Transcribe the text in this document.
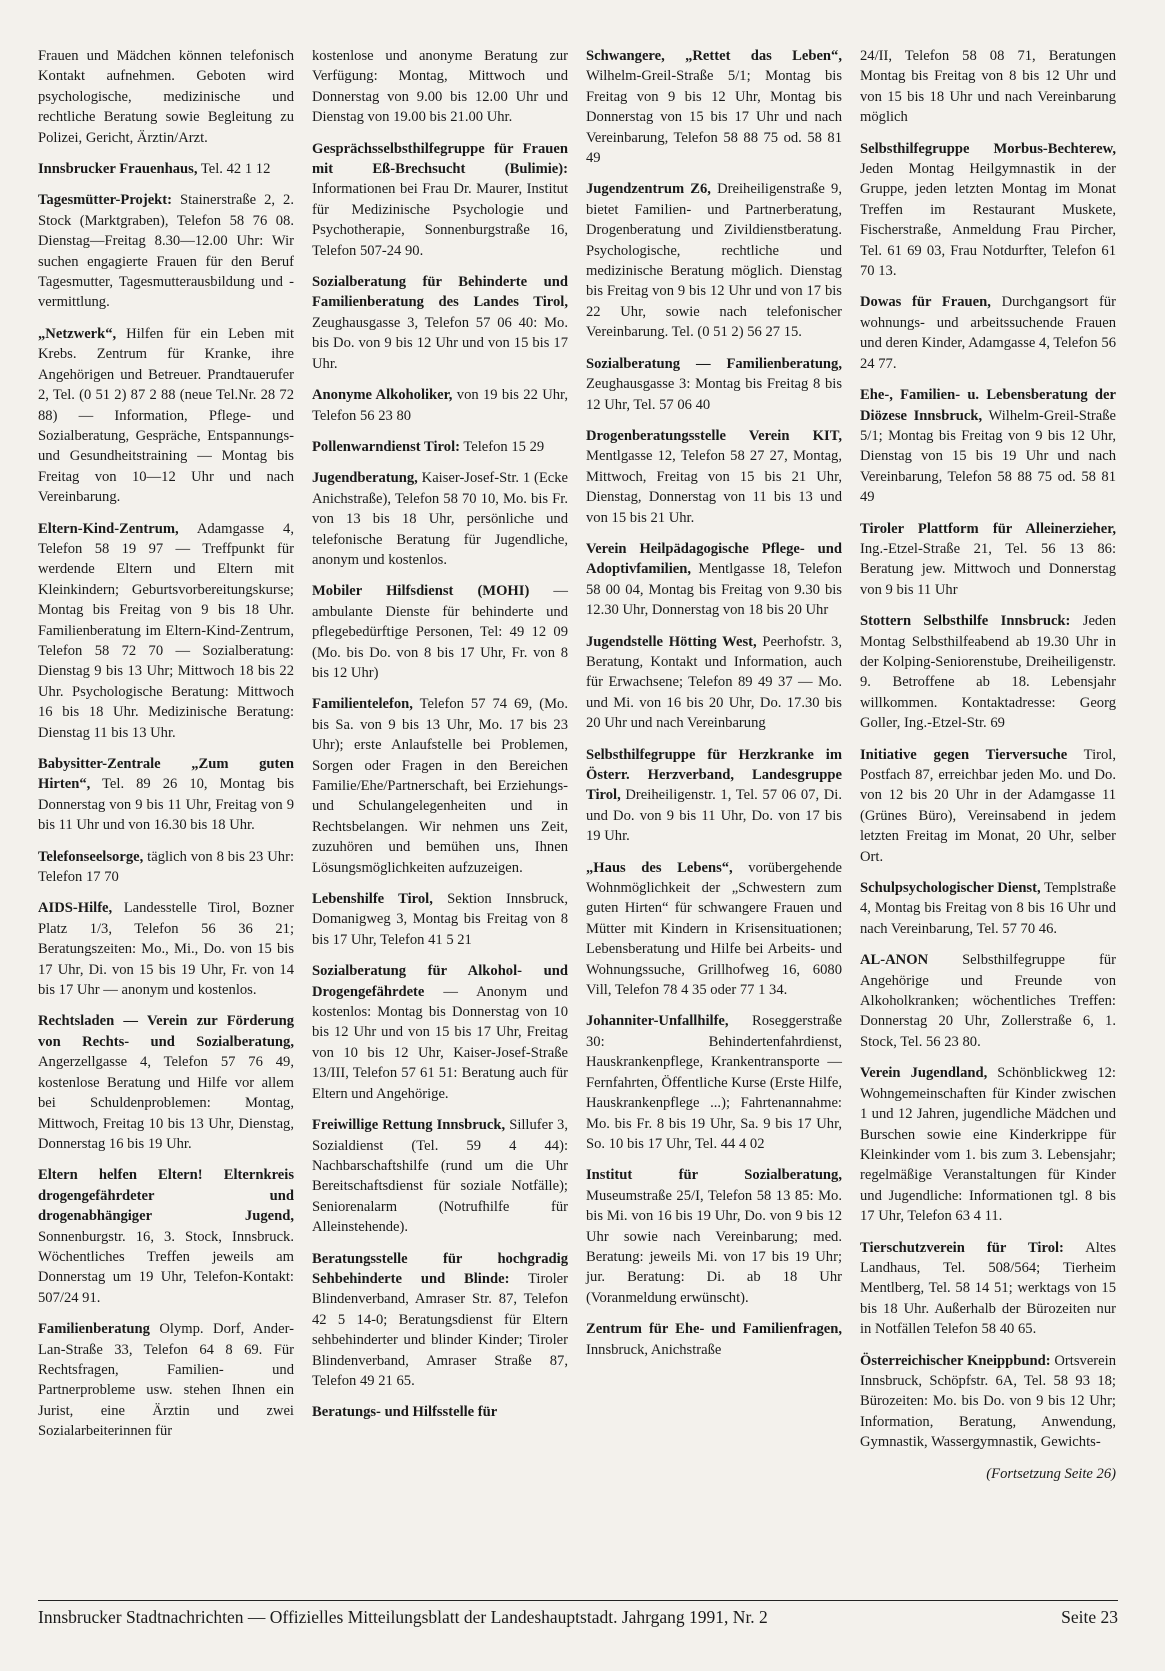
Frauen und Mädchen können telefonisch Kontakt aufnehmen. Geboten wird psychologische, medizinische und rechtliche Beratung sowie Begleitung zu Polizei, Gericht, Ärztin/Arzt.

Innsbrucker Frauenhaus, Tel. 42 1 12

Tagesmütter-Projekt: Stainerstraße 2, 2. Stock (Marktgraben), Telefon 58 76 08. Dienstag—Freitag 8.30—12.00 Uhr: Wir suchen engagierte Frauen für den Beruf Tagesmutter, Tagesmutterausbildung und -vermittlung.

„Netzwerk“, Hilfen für ein Leben mit Krebs. Zentrum für Kranke, ihre Angehörigen und Betreuer. Prandtauerufer 2, Tel. (0 51 2) 87 2 88 (neue Tel.Nr. 28 72 88) — Information, Pflege- und Sozialberatung, Gespräche, Entspannungs- und Gesundheitstraining — Montag bis Freitag von 10—12 Uhr und nach Vereinbarung.

Eltern-Kind-Zentrum, Adamgasse 4, Telefon 58 19 97 — Treffpunkt für werdende Eltern und Eltern mit Kleinkindern; Geburtsvorbereitungskurse; Montag bis Freitag von 9 bis 18 Uhr. Familienberatung im Eltern-Kind-Zentrum, Telefon 58 72 70 — Sozialberatung: Dienstag 9 bis 13 Uhr; Mittwoch 18 bis 22 Uhr. Psychologische Beratung: Mittwoch 16 bis 18 Uhr. Medizinische Beratung: Dienstag 11 bis 13 Uhr.

Babysitter-Zentrale „Zum guten Hirten“, Tel. 89 26 10, Montag bis Donnerstag von 9 bis 11 Uhr, Freitag von 9 bis 11 Uhr und von 16.30 bis 18 Uhr.

Telefonseelsorge, täglich von 8 bis 23 Uhr: Telefon 17 70

AIDS-Hilfe, Landesstelle Tirol, Bozner Platz 1/3, Telefon 56 36 21; Beratungszeiten: Mo., Mi., Do. von 15 bis 17 Uhr, Di. von 15 bis 19 Uhr, Fr. von 14 bis 17 Uhr — anonym und kostenlos.

Rechtsladen — Verein zur Förderung von Rechts- und Sozialberatung, Angerzellgasse 4, Telefon 57 76 49, kostenlose Beratung und Hilfe vor allem bei Schuldenproblemen: Montag, Mittwoch, Freitag 10 bis 13 Uhr, Dienstag, Donnerstag 16 bis 19 Uhr.

Eltern helfen Eltern! Elternkreis drogengefährdeter und drogenabhängiger Jugend, Sonnenburgstr. 16, 3. Stock, Innsbruck. Wöchentliches Treffen jeweils am Donnerstag um 19 Uhr, Telefon-Kontakt: 507/24 91.

Familienberatung Olymp. Dorf, Ander-Lan-Straße 33, Telefon 64 8 69. Für Rechtsfragen, Familien- und Partnerprobleme usw. stehen Ihnen ein Jurist, eine Ärztin und zwei Sozialarbeiterinnen für

kostenlose und anonyme Beratung zur Verfügung: Montag, Mittwoch und Donnerstag von 9.00 bis 12.00 Uhr und Dienstag von 19.00 bis 21.00 Uhr.

Gesprächsselbsthilfegruppe für Frauen mit Eß-Brechsucht (Bulimie): Informationen bei Frau Dr. Maurer, Institut für Medizinische Psychologie und Psychotherapie, Sonnenburgstraße 16, Telefon 507-24 90.

Sozialberatung für Behinderte und Familienberatung des Landes Tirol, Zeughausgasse 3, Telefon 57 06 40: Mo. bis Do. von 9 bis 12 Uhr und von 15 bis 17 Uhr.

Anonyme Alkoholiker, von 19 bis 22 Uhr, Telefon 56 23 80

Pollenwarndienst Tirol: Telefon 15 29

Jugendberatung, Kaiser-Josef-Str. 1 (Ecke Anichstraße), Telefon 58 70 10, Mo. bis Fr. von 13 bis 18 Uhr, persönliche und telefonische Beratung für Jugendliche, anonym und kostenlos.

Mobiler Hilfsdienst (MOHI) — ambulante Dienste für behinderte und pflegebedürftige Personen, Tel: 49 12 09 (Mo. bis Do. von 8 bis 17 Uhr, Fr. von 8 bis 12 Uhr)

Familientelefon, Telefon 57 74 69, (Mo. bis Sa. von 9 bis 13 Uhr, Mo. 17 bis 23 Uhr); erste Anlaufstelle bei Problemen, Sorgen oder Fragen in den Bereichen Familie/Ehe/Partnerschaft, bei Erziehungs- und Schulangelegenheiten und in Rechtsbelangen. Wir nehmen uns Zeit, zuzuhören und bemühen uns, Ihnen Lösungsmöglichkeiten aufzuzeigen.

Lebenshilfe Tirol, Sektion Innsbruck, Domanigweg 3, Montag bis Freitag von 8 bis 17 Uhr, Telefon 41 5 21

Sozialberatung für Alkohol- und Drogengefährdete — Anonym und kostenlos: Montag bis Donnerstag von 10 bis 12 Uhr und von 15 bis 17 Uhr, Freitag von 10 bis 12 Uhr, Kaiser-Josef-Straße 13/III, Telefon 57 61 51: Beratung auch für Eltern und Angehörige.

Freiwillige Rettung Innsbruck, Sillufer 3, Sozialdienst (Tel. 59 4 44): Nachbarschaftshilfe (rund um die Uhr Bereitschaftsdienst für soziale Notfälle); Seniorenalarm (Notrufhilfe für Alleinstehende).

Beratungsstelle für hochgradig Sehbehinderte und Blinde: Tiroler Blindenverband, Amraser Str. 87, Telefon 42 5 14-0; Beratungsdienst für Eltern sehbehinderter und blinder Kinder; Tiroler Blindenverband, Amraser Straße 87, Telefon 49 21 65.

Beratungs- und Hilfsstelle für

Schwangere, „Rettet das Leben“, Wilhelm-Greil-Straße 5/1; Montag bis Freitag von 9 bis 12 Uhr, Montag bis Donnerstag von 15 bis 17 Uhr und nach Vereinbarung, Telefon 58 88 75 od. 58 81 49

Jugendzentrum Z6, Dreiheiligenstraße 9, bietet Familien- und Partnerberatung, Drogenberatung und Zivildienstberatung. Psychologische, rechtliche und medizinische Beratung möglich. Dienstag bis Freitag von 9 bis 12 Uhr und von 17 bis 22 Uhr, sowie nach telefonischer Vereinbarung. Tel. (0 51 2) 56 27 15.

Sozialberatung — Familienberatung, Zeughausgasse 3: Montag bis Freitag 8 bis 12 Uhr, Tel. 57 06 40

Drogenberatungsstelle Verein KIT, Mentlgasse 12, Telefon 58 27 27, Montag, Mittwoch, Freitag von 15 bis 21 Uhr, Dienstag, Donnerstag von 11 bis 13 und von 15 bis 21 Uhr.

Verein Heilpädagogische Pflege- und Adoptivfamilien, Mentlgasse 18, Telefon 58 00 04, Montag bis Freitag von 9.30 bis 12.30 Uhr, Donnerstag von 18 bis 20 Uhr

Jugendstelle Hötting West, Peerhofstr. 3, Beratung, Kontakt und Information, auch für Erwachsene; Telefon 89 49 37 — Mo. und Mi. von 16 bis 20 Uhr, Do. 17.30 bis 20 Uhr und nach Vereinbarung

Selbsthilfegruppe für Herzkranke im Österr. Herzverband, Landesgruppe Tirol, Dreiheiligenstr. 1, Tel. 57 06 07, Di. und Do. von 9 bis 11 Uhr, Do. von 17 bis 19 Uhr.

„Haus des Lebens“, vorübergehende Wohnmöglichkeit der „Schwestern zum guten Hirten“ für schwangere Frauen und Mütter mit Kindern in Krisensituationen; Lebensberatung und Hilfe bei Arbeits- und Wohnungssuche, Grillhofweg 16, 6080 Vill, Telefon 78 4 35 oder 77 1 34.

Johanniter-Unfallhilfe, Roseggerstraße 30: Behindertenfahrdienst, Hauskrankenpflege, Krankentransporte — Fernfahrten, Öffentliche Kurse (Erste Hilfe, Hauskrankenpflege ...); Fahrtenannahme: Mo. bis Fr. 8 bis 19 Uhr, Sa. 9 bis 17 Uhr, So. 10 bis 17 Uhr, Tel. 44 4 02

Institut für Sozialberatung, Museumstraße 25/I, Telefon 58 13 85: Mo. bis Mi. von 16 bis 19 Uhr, Do. von 9 bis 12 Uhr sowie nach Vereinbarung; med. Beratung: jeweils Mi. von 17 bis 19 Uhr; jur. Beratung: Di. ab 18 Uhr (Voranmeldung erwünscht).

Zentrum für Ehe- und Familienfragen, Innsbruck, Anichstraße

24/II, Telefon 58 08 71, Beratungen Montag bis Freitag von 8 bis 12 Uhr und von 15 bis 18 Uhr und nach Vereinbarung möglich

Selbsthilfegruppe Morbus-Bechterew, Jeden Montag Heilgymnastik in der Gruppe, jeden letzten Montag im Monat Treffen im Restaurant Muskete, Fischerstraße, Anmeldung Frau Pircher, Tel. 61 69 03, Frau Notdurfter, Telefon 61 70 13.

Dowas für Frauen, Durchgangsort für wohnungs- und arbeitssuchende Frauen und deren Kinder, Adamgasse 4, Telefon 56 24 77.

Ehe-, Familien- u. Lebensberatung der Diözese Innsbruck, Wilhelm-Greil-Straße 5/1; Montag bis Freitag von 9 bis 12 Uhr, Dienstag von 15 bis 19 Uhr und nach Vereinbarung, Telefon 58 88 75 od. 58 81 49

Tiroler Plattform für Alleinerzieher, Ing.-Etzel-Straße 21, Tel. 56 13 86: Beratung jew. Mittwoch und Donnerstag von 9 bis 11 Uhr

Stottern Selbsthilfe Innsbruck: Jeden Montag Selbsthilfeabend ab 19.30 Uhr in der Kolping-Seniorenstube, Dreiheiligenstr. 9. Betroffene ab 18. Lebensjahr willkommen. Kontaktadresse: Georg Goller, Ing.-Etzel-Str. 69

Initiative gegen Tierversuche Tirol, Postfach 87, erreichbar jeden Mo. und Do. von 12 bis 20 Uhr in der Adamgasse 11 (Grünes Büro), Vereinsabend in jedem letzten Freitag im Monat, 20 Uhr, selber Ort.

Schulpsychologischer Dienst, Templstraße 4, Montag bis Freitag von 8 bis 16 Uhr und nach Vereinbarung, Tel. 57 70 46.

AL-ANON Selbsthilfegruppe für Angehörige und Freunde von Alkoholkranken; wöchentliches Treffen: Donnerstag 20 Uhr, Zollerstraße 6, 1. Stock, Tel. 56 23 80.

Verein Jugendland, Schönblickweg 12: Wohngemeinschaften für Kinder zwischen 1 und 12 Jahren, jugendliche Mädchen und Burschen sowie eine Kinderkrippe für Kleinkinder vom 1. bis zum 3. Lebensjahr; regelmäßige Veranstaltungen für Kinder und Jugendliche: Informationen tgl. 8 bis 17 Uhr, Telefon 63 4 11.

Tierschutzverein für Tirol: Altes Landhaus, Tel. 508/564; Tierheim Mentlberg, Tel. 58 14 51; werktags von 15 bis 18 Uhr. Außerhalb der Bürozeiten nur in Notfällen Telefon 58 40 65.

Österreichischer Kneippbund: Ortsverein Innsbruck, Schöpfstr. 6A, Tel. 58 93 18; Bürozeiten: Mo. bis Do. von 9 bis 12 Uhr; Information, Beratung, Anwendung, Gymnastik, Wassergymnastik, Gewichts-

(Fortsetzung Seite 26)
Innsbrucker Stadtnachrichten — Offizielles Mitteilungsblatt der Landeshauptstadt. Jahrgang 1991, Nr. 2	Seite 23
